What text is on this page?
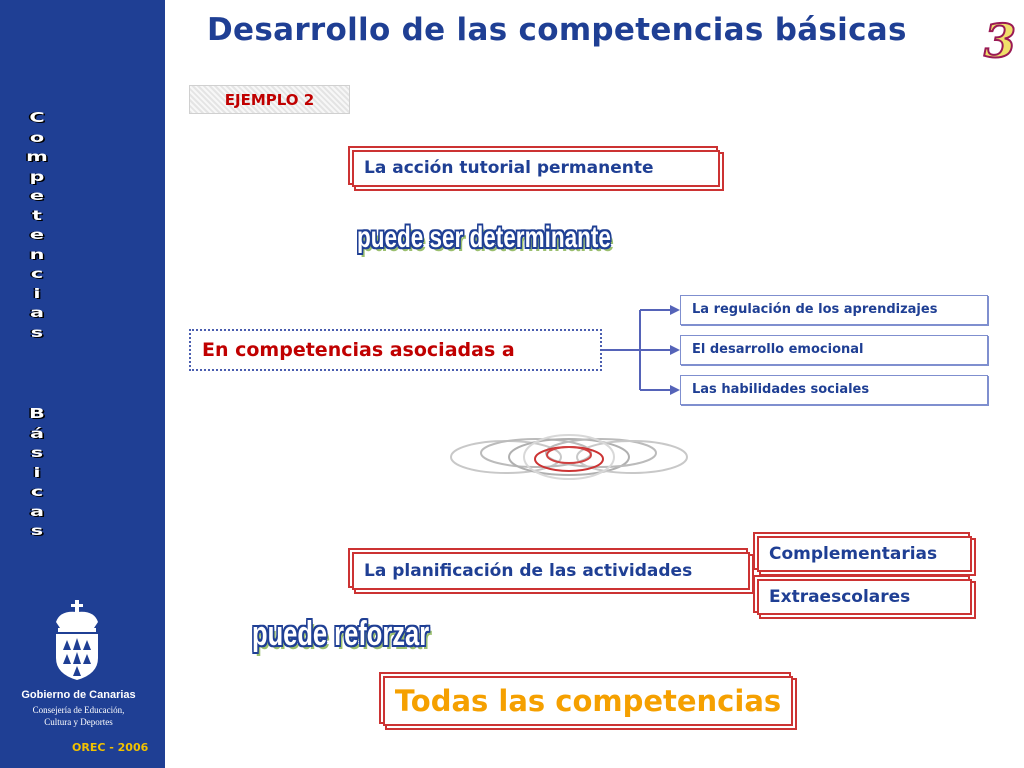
C
o
m
p
e
t
e
n
c
i
a
s
B
á
s
i
c
a
s
Gobierno de Canarias
Consejería de Educación,
Cultura y Deportes
OREC - 2006
Desarrollo de las competencias básicas 3
EJEMPLO 2
La acción tutorial permanente
puede ser determinante
En competencias asociadas a
La regulación de los aprendizajes
El desarrollo emocional
Las habilidades sociales
La planificación de las actividades
Complementarias
Extraescolares
puede reforzar
Todas las competencias
